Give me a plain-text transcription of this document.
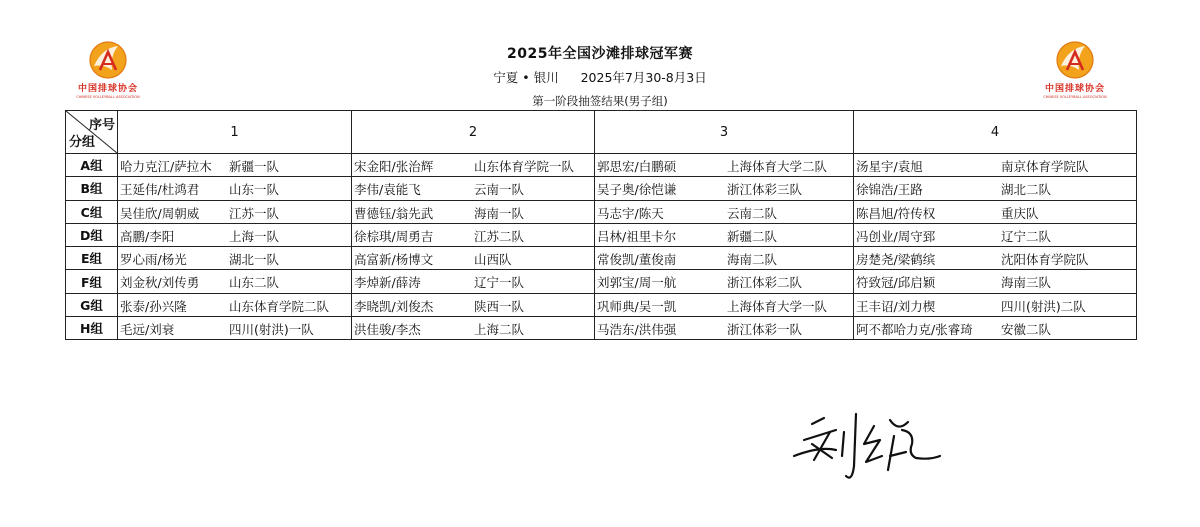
中国排球协会
CHINESE VOLLEYBALL ASSOCIATION
中国排球协会
CHINESE VOLLEYBALL ASSOCIATION
2025年全国沙滩排球冠军赛
宁夏 • 银川 2025年7月30-8月3日
第一阶段抽签结果(男子组)
序号
分组	1	2	3	4
A组	哈力克江/萨拉木 新疆一队	宋金阳/张治辉 山东体育学院一队	郭思宏/白鹏硕 上海体育大学二队	汤星宇/袁旭 南京体育学院队

B组	王延伟/杜鸿君 山东一队	李伟/袁能飞 云南一队	吴子奥/徐恺谦 浙江体彩三队	徐锦浩/王路 湖北二队

C组	吴佳欣/周朝威 江苏一队	曹德钰/翁先武 海南一队	马志宇/陈天 云南二队	陈昌旭/符传权 重庆队

D组	高鹏/李阳 上海一队	徐棕琪/周勇吉 江苏二队	吕林/祖里卡尔 新疆二队	冯创业/周守郅 辽宁二队

E组	罗心雨/杨光 湖北一队	高富新/杨博文 山西队	常俊凯/董俊南 海南二队	房楚尧/梁鹤缤 沈阳体育学院队

F组	刘金秋/刘传勇 山东二队	李焯新/薛涛 辽宁一队	刘郭宝/周一航 浙江体彩二队	符致冠/邱启颖 海南三队

G组	张泰/孙兴隆 山东体育学院二队	李晓凯/刘俊杰 陕西一队	巩师典/吴一凯 上海体育大学一队	王丰诏/刘力楔 四川(射洪)二队

H组	毛远/刘衰 四川(射洪)一队	洪佳骏/李杰 上海二队	马浩东/洪伟强 浙江体彩一队	阿不都哈力克/张睿琦 安徽二队
